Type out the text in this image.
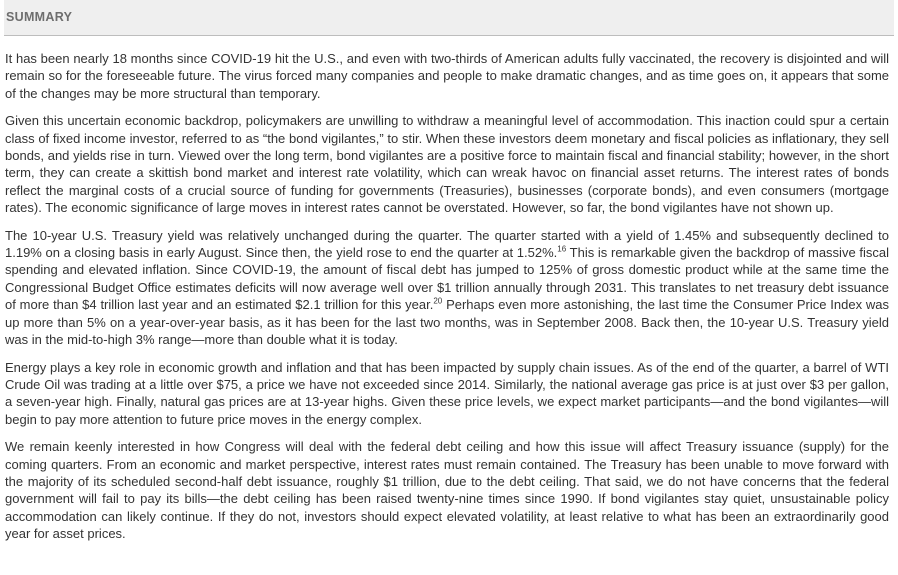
SUMMARY

It has been nearly 18 months since COVID-19 hit the U.S., and even with two-thirds of American adults fully vaccinated, the recovery is disjointed and will remain so for the foreseeable future. The virus forced many companies and people to make dramatic changes, and as time goes on, it appears that some of the changes may be more structural than temporary.

Given this uncertain economic backdrop, policymakers are unwilling to withdraw a meaningful level of accommodation. This inaction could spur a certain class of fixed income investor, referred to as “the bond vigilantes,” to stir. When these investors deem monetary and fiscal policies as inflationary, they sell bonds, and yields rise in turn. Viewed over the long term, bond vigilantes are a positive force to maintain fiscal and financial stability; however, in the short term, they can create a skittish bond market and interest rate volatility, which can wreak havoc on financial asset returns. The interest rates of bonds reflect the marginal costs of a crucial source of funding for governments (Treasuries), businesses (corporate bonds), and even consumers (mortgage rates). The economic significance of large moves in interest rates cannot be overstated. However, so far, the bond vigilantes have not shown up.

The 10-year U.S. Treasury yield was relatively unchanged during the quarter. The quarter started with a yield of 1.45% and subsequently declined to 1.19% on a closing basis in early August. Since then, the yield rose to end the quarter at 1.52%.$^{16}$ This is remarkable given the backdrop of massive fiscal spending and elevated inflation. Since COVID-19, the amount of fiscal debt has jumped to 125% of gross domestic product while at the same time the Congressional Budget Office estimates deficits will now average well over $1 trillion annually through 2031. This translates to net treasury debt issuance of more than $4 trillion last year and an estimated $2.1 trillion for this year.$^{20}$ Perhaps even more astonishing, the last time the Consumer Price Index was up more than 5% on a year-over-year basis, as it has been for the last two months, was in September 2008. Back then, the 10-year U.S. Treasury yield was in the mid-to-high 3% range—more than double what it is today.

Energy plays a key role in economic growth and inflation and that has been impacted by supply chain issues. As of the end of the quarter, a barrel of WTI Crude Oil was trading at a little over $75, a price we have not exceeded since 2014. Similarly, the national average gas price is at just over $3 per gallon, a seven-year high. Finally, natural gas prices are at 13-year highs. Given these price levels, we expect market participants—and the bond vigilantes—will begin to pay more attention to future price moves in the energy complex.

We remain keenly interested in how Congress will deal with the federal debt ceiling and how this issue will affect Treasury issuance (supply) for the coming quarters. From an economic and market perspective, interest rates must remain contained. The Treasury has been unable to move forward with the majority of its scheduled second-half debt issuance, roughly $1 trillion, due to the debt ceiling. That said, we do not have concerns that the federal government will fail to pay its bills—the debt ceiling has been raised twenty-nine times since 1990. If bond vigilantes stay quiet, unsustainable policy accommodation can likely continue. If they do not, investors should expect elevated volatility, at least relative to what has been an extraordinarily good year for asset prices.
